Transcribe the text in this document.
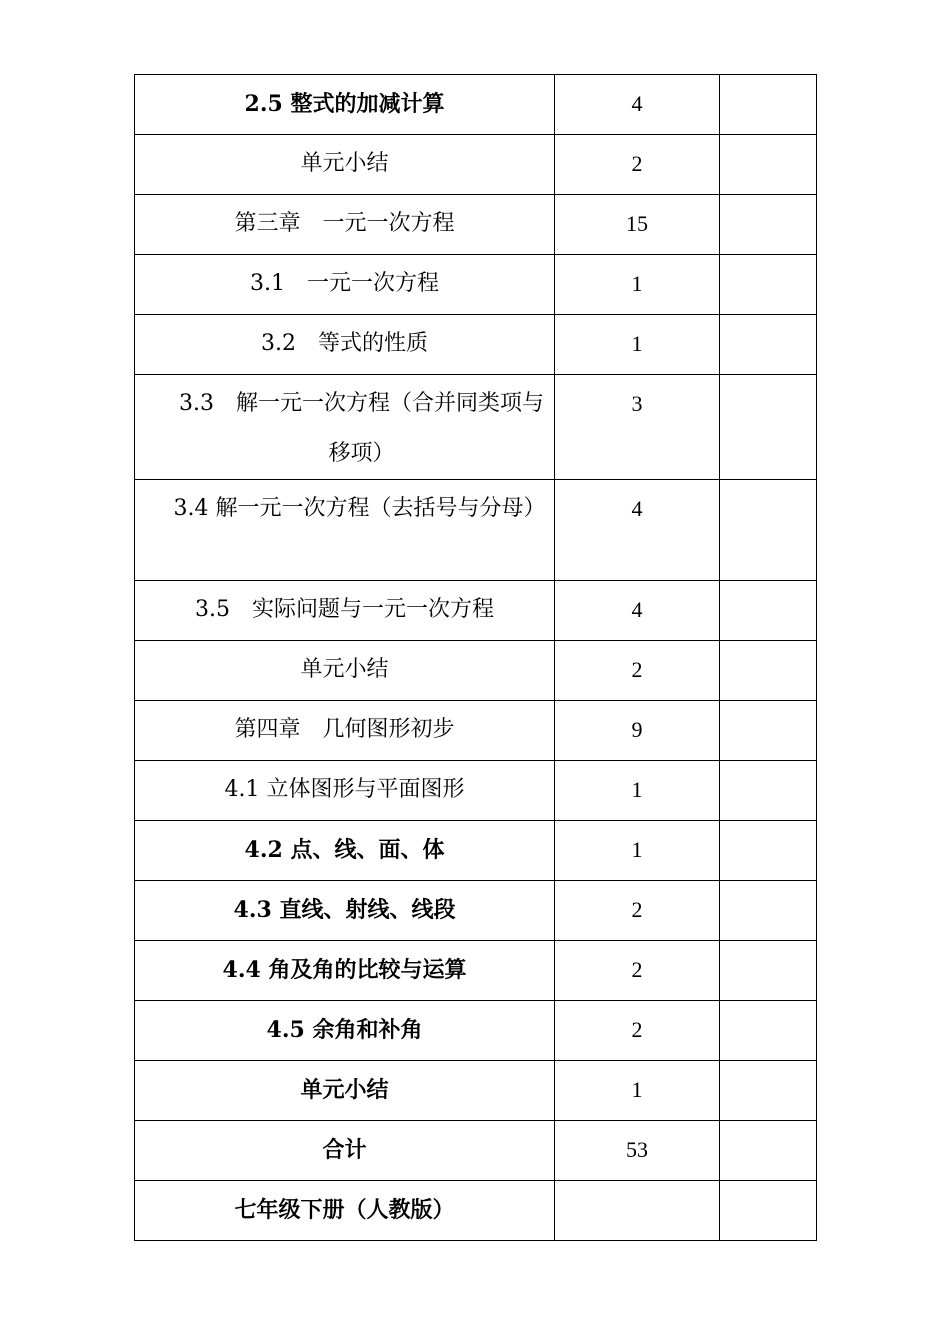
2.5 整式的加减计算	4	
单元小结	2	
第三章　一元一次方程	15	
3.1　一元一次方程	1	
3.2　等式的性质	1	
3.3　解一元一次方程（合并同类项与移项）	3	
3.4 解一元一次方程（去括号与分母）	4	
3.5　实际问题与一元一次方程	4	
单元小结	2	
第四章　几何图形初步	9	
4.1 立体图形与平面图形	1	
4.2 点、线、面、体	1	
4.3 直线、射线、线段	2	
4.4 角及角的比较与运算	2	
4.5 余角和补角	2	
单元小结	1	
合计	53	
七年级下册（人教版）		
